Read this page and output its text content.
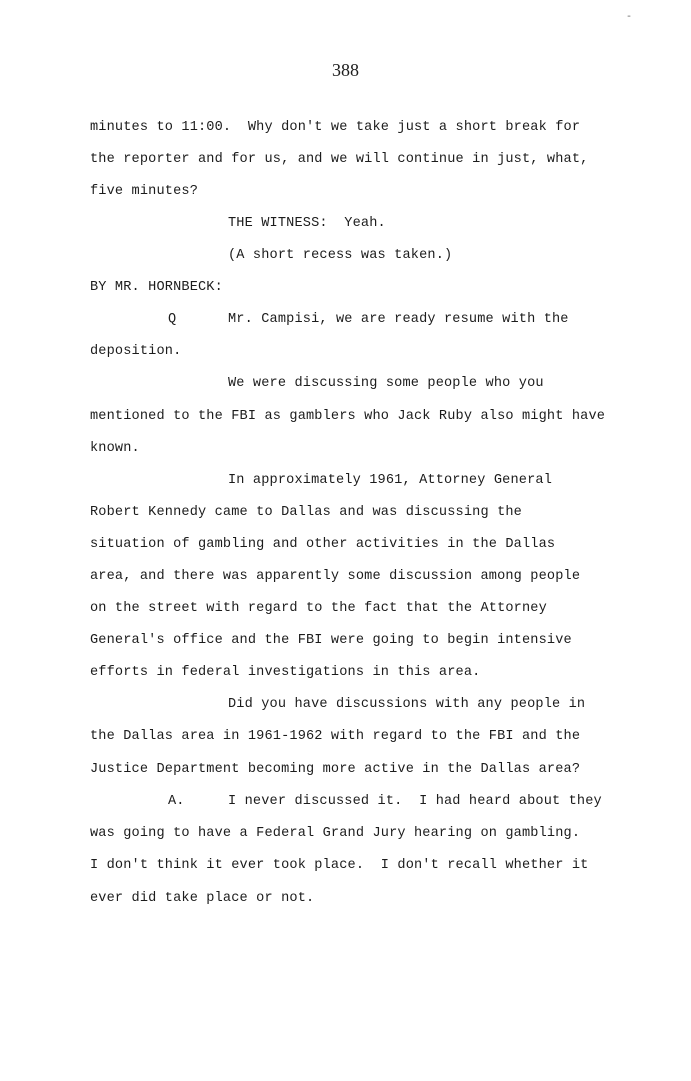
-
388
minutes to 11:00.  Why don't we take just a short break for
the reporter and for us, and we will continue in just, what,
five minutes?
THE WITNESS:  Yeah.
(A short recess was taken.)
BY MR. HORNBECK:
Q	Mr. Campisi, we are ready resume with the
deposition.
We were discussing some people who you
mentioned to the FBI as gamblers who Jack Ruby also might have
known.
In approximately 1961, Attorney General
Robert Kennedy came to Dallas and was discussing the
situation of gambling and other activities in the Dallas
area, and there was apparently some discussion among people
on the street with regard to the fact that the Attorney
General's office and the FBI were going to begin intensive
efforts in federal investigations in this area.
Did you have discussions with any people in
the Dallas area in 1961-1962 with regard to the FBI and the
Justice Department becoming more active in the Dallas area?
A.	I never discussed it.  I had heard about they
was going to have a Federal Grand Jury hearing on gambling.
I don't think it ever took place.  I don't recall whether it
ever did take place or not.
